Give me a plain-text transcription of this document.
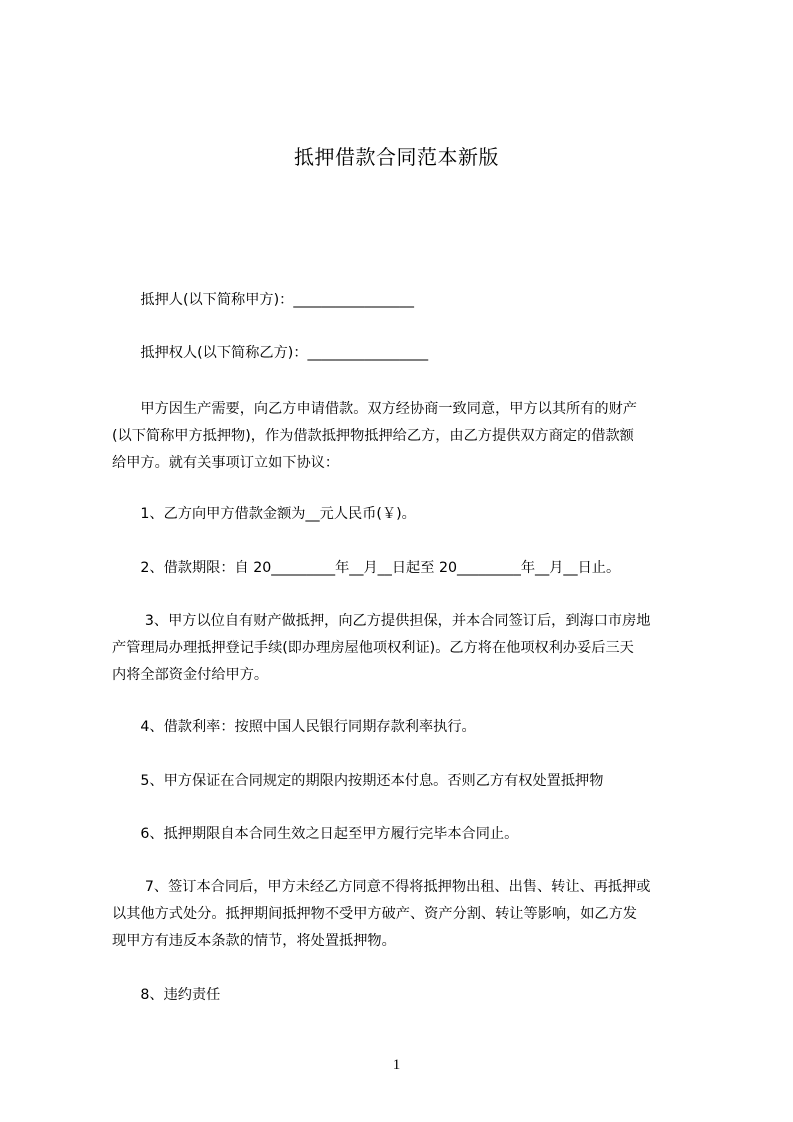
抵押借款合同范本新版
　　抵押人(以下简称甲方)：_________________
　　抵押权人(以下简称乙方)：_________________
　　甲方因生产需要，向乙方申请借款。双方经协商一致同意，甲方以其所有的财产
(以下简称甲方抵押物)，作为借款抵押物抵押给乙方，由乙方提供双方商定的借款额
给甲方。就有关事项订立如下协议：
　　1、乙方向甲方借款金额为__元人民币(￥)。
　　2、借款期限：自 20_________年__月__日起至 20_________年__月__日止。
　　 3、甲方以位自有财产做抵押，向乙方提供担保，并本合同签订后，到海口市房地
产管理局办理抵押登记手续(即办理房屋他项权利证)。乙方将在他项权利办妥后三天
内将全部资金付给甲方。
　　4、借款利率：按照中国人民银行同期存款利率执行。
　　5、甲方保证在合同规定的期限内按期还本付息。否则乙方有权处置抵押物
　　6、抵押期限自本合同生效之日起至甲方履行完毕本合同止。
　　 7、签订本合同后，甲方未经乙方同意不得将抵押物出租、出售、转让、再抵押或
以其他方式处分。抵押期间抵押物不受甲方破产、资产分割、转让等影响，如乙方发
现甲方有违反本条款的情节，将处置抵押物。
　　8、违约责任
1
